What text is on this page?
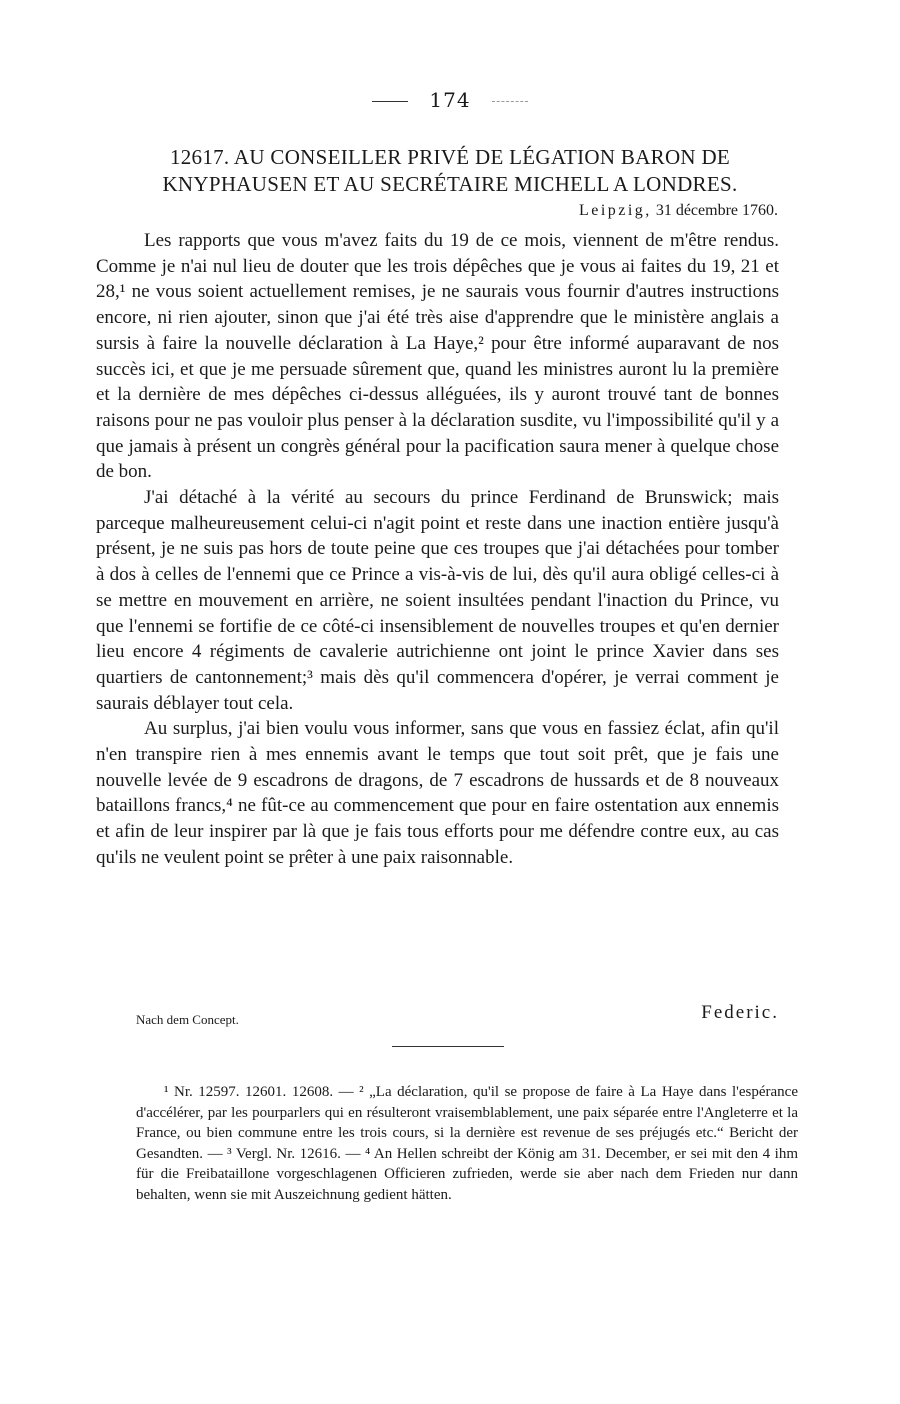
174
12617. AU CONSEILLER PRIVÉ DE LÉGATION BARON DE
KNYPHAUSEN ET AU SECRÉTAIRE MICHELL A LONDRES.
Leipzig, 31 décembre 1760.

Les rapports que vous m'avez faits du 19 de ce mois, viennent de m'être rendus. Comme je n'ai nul lieu de douter que les trois dépêches que je vous ai faites du 19, 21 et 28,¹ ne vous soient actuellement remises, je ne saurais vous fournir d'autres instructions encore, ni rien ajouter, sinon que j'ai été très aise d'apprendre que le ministère anglais a sursis à faire la nouvelle déclaration à La Haye,² pour être informé auparavant de nos succès ici, et que je me persuade sûrement que, quand les ministres auront lu la première et la dernière de mes dépêches ci-dessus alléguées, ils y auront trouvé tant de bonnes raisons pour ne pas vouloir plus penser à la déclaration susdite, vu l'impossibilité qu'il y a que jamais à présent un congrès général pour la pacification saura mener à quelque chose de bon.

J'ai détaché à la vérité au secours du prince Ferdinand de Brunswick; mais parceque malheureusement celui-ci n'agit point et reste dans une inaction entière jusqu'à présent, je ne suis pas hors de toute peine que ces troupes que j'ai détachées pour tomber à dos à celles de l'ennemi que ce Prince a vis-à-vis de lui, dès qu'il aura obligé celles-ci à se mettre en mouvement en arrière, ne soient insultées pendant l'inaction du Prince, vu que l'ennemi se fortifie de ce côté-ci insensiblement de nouvelles troupes et qu'en dernier lieu encore 4 régiments de cavalerie autrichienne ont joint le prince Xavier dans ses quartiers de cantonnement;³ mais dès qu'il commencera d'opérer, je verrai comment je saurais déblayer tout cela.

Au surplus, j'ai bien voulu vous informer, sans que vous en fassiez éclat, afin qu'il n'en transpire rien à mes ennemis avant le temps que tout soit prêt, que je fais une nouvelle levée de 9 escadrons de dragons, de 7 escadrons de hussards et de 8 nouveaux bataillons francs,⁴ ne fût-ce au commencement que pour en faire ostentation aux ennemis et afin de leur inspirer par là que je fais tous efforts pour me défendre contre eux, au cas qu'ils ne veulent point se prêter à une paix raisonnable.

Nach dem Concept.	Federic.

¹ Nr. 12597. 12601. 12608. — ² „La déclaration, qu'il se propose de faire à La Haye dans l'espérance d'accélérer, par les pourparlers qui en résulteront vraisemblablement, une paix séparée entre l'Angleterre et la France, ou bien commune entre les trois cours, si la dernière est revenue de ses préjugés etc.“ Bericht der Gesandten. — ³ Vergl. Nr. 12616. — ⁴ An Hellen schreibt der König am 31. December, er sei mit den 4 ihm für die Freibataillone vorgeschlagenen Officieren zufrieden, werde sie aber nach dem Frieden nur dann behalten, wenn sie mit Auszeichnung gedient hätten.
